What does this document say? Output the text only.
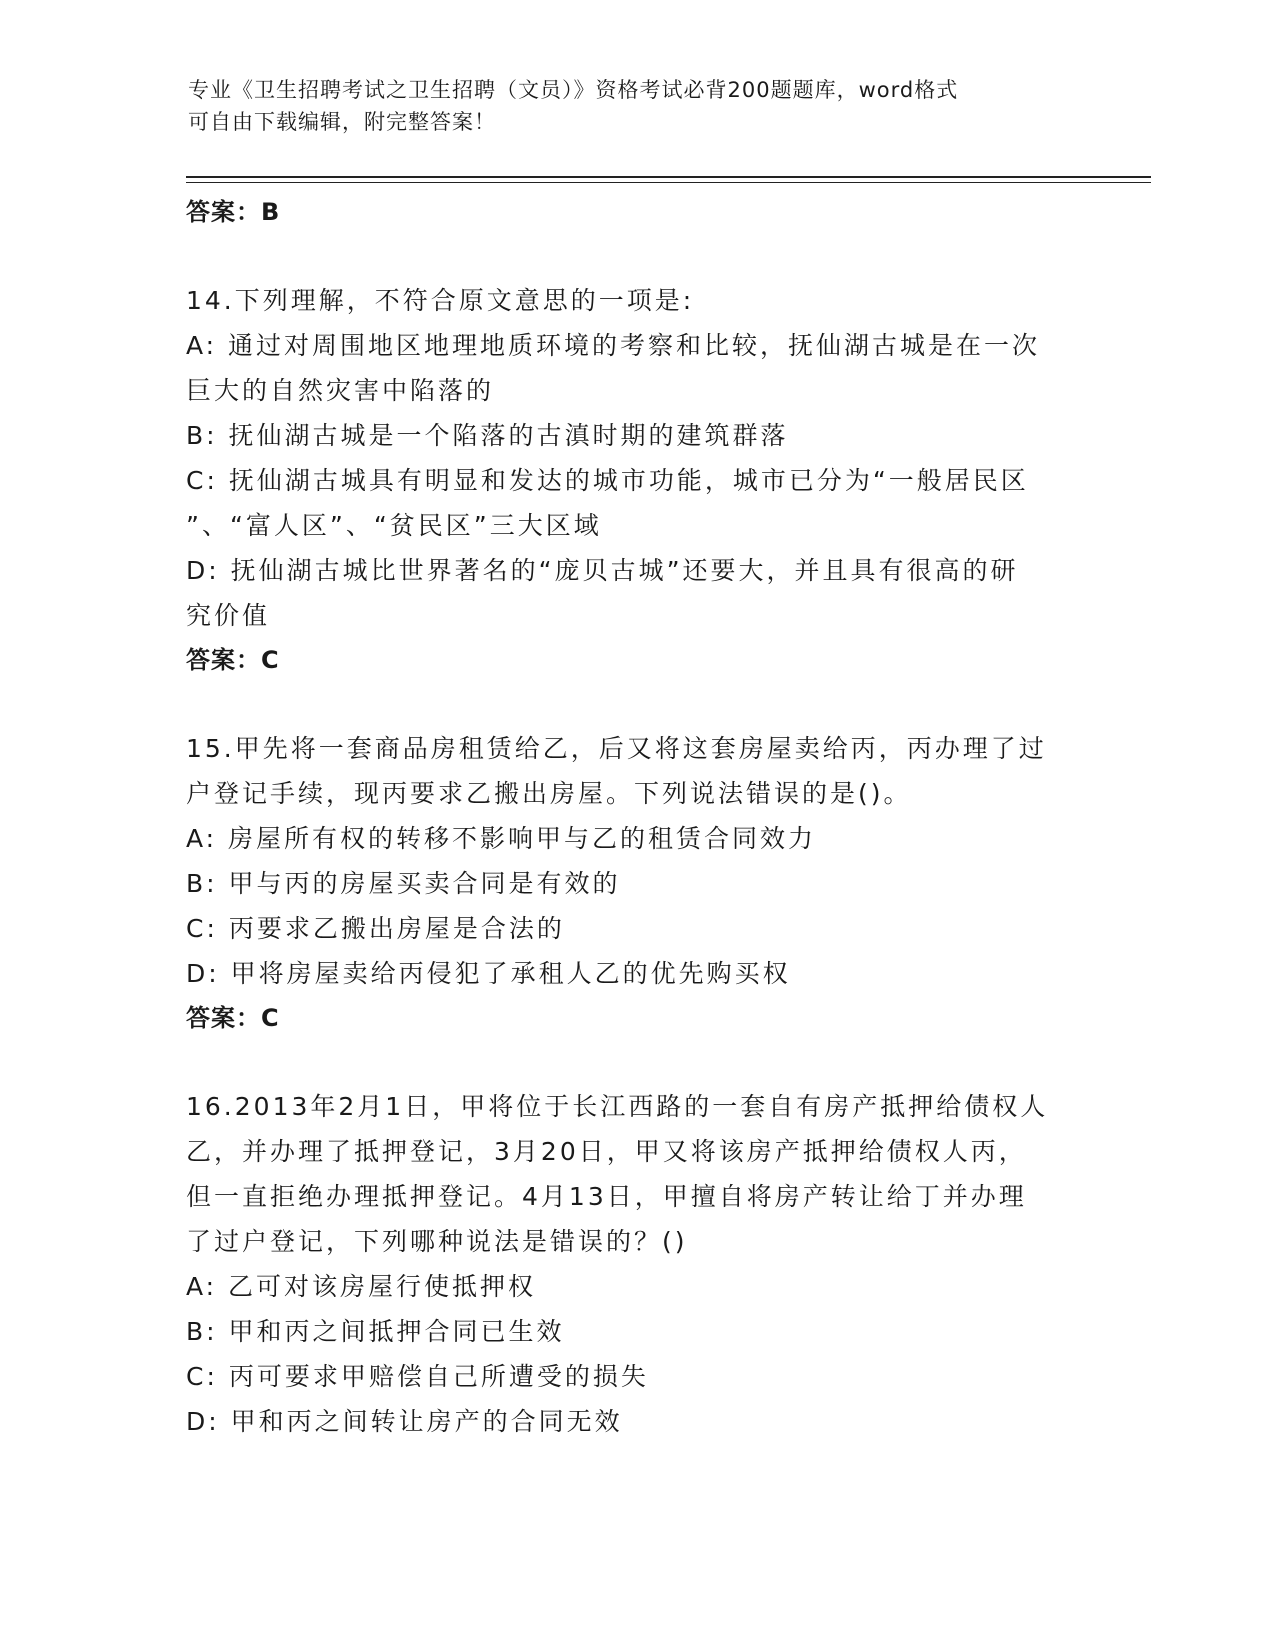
专业《卫生招聘考试之卫生招聘（文员）》资格考试必背200题题库，word格式
可自由下载编辑，附完整答案！

答案：B

14.下列理解，不符合原文意思的一项是:

A: 通过对周围地区地理地质环境的考察和比较，抚仙湖古城是在一次

巨大的自然灾害中陷落的

B: 抚仙湖古城是一个陷落的古滇时期的建筑群落

C: 抚仙湖古城具有明显和发达的城市功能，城市已分为“一般居民区

”、“富人区”、“贫民区”三大区域

D: 抚仙湖古城比世界著名的“庞贝古城”还要大，并且具有很高的研

究价值

答案：C

15.甲先将一套商品房租赁给乙，后又将这套房屋卖给丙，丙办理了过

户登记手续，现丙要求乙搬出房屋。下列说法错误的是()。

A: 房屋所有权的转移不影响甲与乙的租赁合同效力

B: 甲与丙的房屋买卖合同是有效的

C: 丙要求乙搬出房屋是合法的

D: 甲将房屋卖给丙侵犯了承租人乙的优先购买权

答案：C

16.2013年2月1日，甲将位于长江西路的一套自有房产抵押给债权人

乙，并办理了抵押登记，3月20日，甲又将该房产抵押给债权人丙，

但一直拒绝办理抵押登记。4月13日，甲擅自将房产转让给丁并办理

了过户登记，下列哪种说法是错误的？()

A: 乙可对该房屋行使抵押权

B: 甲和丙之间抵押合同已生效

C: 丙可要求甲赔偿自己所遭受的损失

D: 甲和丙之间转让房产的合同无效
